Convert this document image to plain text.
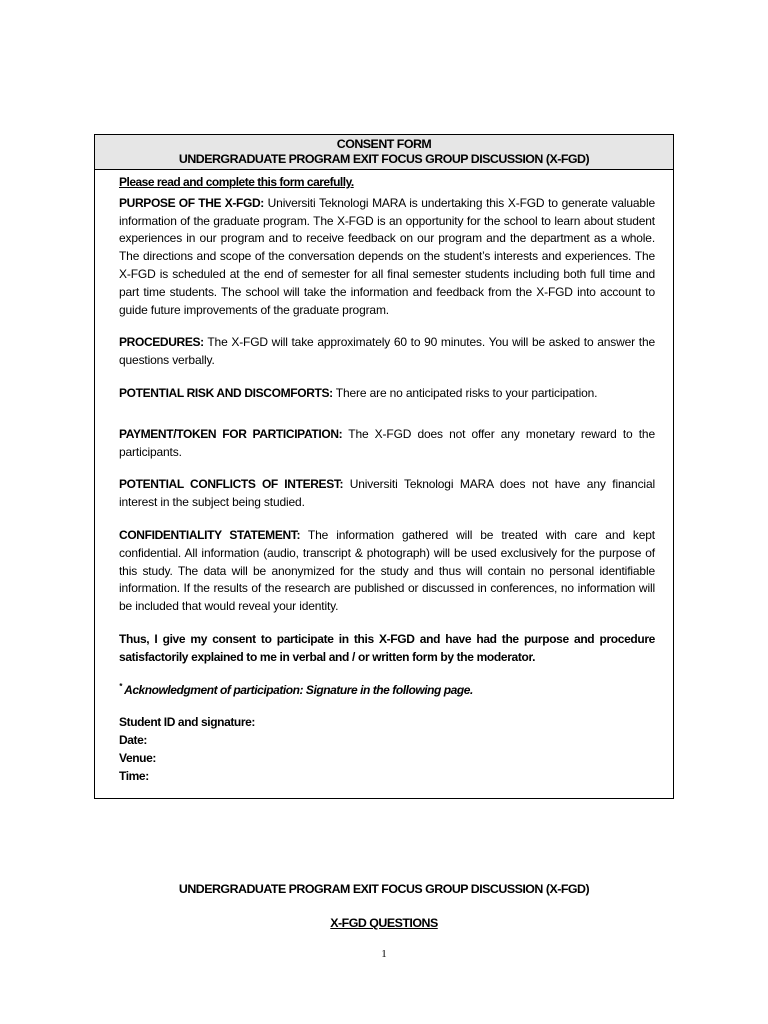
CONSENT FORM
UNDERGRADUATE PROGRAM EXIT FOCUS GROUP DISCUSSION (X-FGD)

Please read and complete this form carefully.

PURPOSE OF THE X-FGD: Universiti Teknologi MARA is undertaking this X-FGD to generate valuable information of the graduate program. The X-FGD is an opportunity for the school to learn about student experiences in our program and to receive feedback on our program and the department as a whole. The directions and scope of the conversation depends on the student’s interests and experiences. The X-FGD is scheduled at the end of semester for all final semester students including both full time and part time students. The school will take the information and feedback from the X-FGD into account to guide future improvements of the graduate program.

PROCEDURES: The X-FGD will take approximately 60 to 90 minutes. You will be asked to answer the questions verbally.

POTENTIAL RISK AND DISCOMFORTS: There are no anticipated risks to your participation.

PAYMENT/TOKEN FOR PARTICIPATION: The X-FGD does not offer any monetary reward to the participants.

POTENTIAL CONFLICTS OF INTEREST: Universiti Teknologi MARA does not have any financial interest in the subject being studied.

CONFIDENTIALITY STATEMENT: The information gathered will be treated with care and kept confidential. All information (audio, transcript & photograph) will be used exclusively for the purpose of this study. The data will be anonymized for the study and thus will contain no personal identifiable information. If the results of the research are published or discussed in conferences, no information will be included that would reveal your identity.

Thus, I give my consent to participate in this X-FGD and have had the purpose and procedure satisfactorily explained to me in verbal and / or written form by the moderator.

* Acknowledgment of participation: Signature in the following page.

Student ID and signature:
Date:
Venue:
Time:
UNDERGRADUATE PROGRAM EXIT FOCUS GROUP DISCUSSION (X-FGD)
X-FGD QUESTIONS
1
